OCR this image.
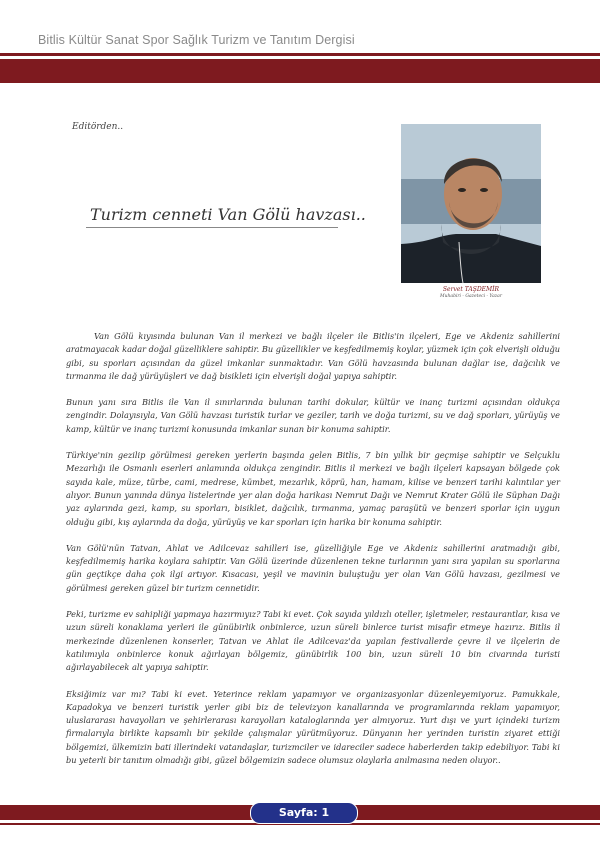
Bitlis Kültür Sanat Spor Sağlık Turizm ve Tanıtım Dergisi
Editörden..
Turizm cenneti Van Gölü havzası..
Servet TAŞDEMİR
Muhabiri - Gazeteci - Yazar

Van Gölü kıyısında bulunan Van il merkezi ve bağlı ilçeler ile Bitlis'in ilçeleri, Ege ve Akdeniz sahillerini aratmayacak kadar doğal güzelliklere sahiptir. Bu güzellikler ve keşfedilmemiş koylar, yüzmek için çok elverişli olduğu gibi, su sporları açısından da güzel imkanlar sunmaktadır. Van Gölü havzasında bulunan dağlar ise, dağcılık ve tırmanma ile dağ yürüyüşleri ve dağ bisikleti için elverişli doğal yapıya sahiptir.

Bunun yanı sıra Bitlis ile Van il sınırlarında bulunan tarihi dokular, kültür ve inanç turizmi açısından oldukça zengindir. Dolayısıyla, Van Gölü havzası turistik turlar ve geziler, tarih ve doğa turizmi, su ve dağ sporları, yürüyüş ve kamp, kültür ve inanç turizmi konusunda imkanlar sunan bir konuma sahiptir.

Türkiye'nin gezilip görülmesi gereken yerlerin başında gelen Bitlis, 7 bin yıllık bir geçmişe sahiptir ve Selçuklu Mezarlığı ile Osmanlı eserleri anlamında oldukça zengindir. Bitlis il merkezi ve bağlı ilçeleri kapsayan bölgede çok sayıda kale, müze, türbe, cami, medrese, kümbet, mezarlık, köprü, han, hamam, kilise ve benzeri tarihi kalıntılar yer alıyor. Bunun yanında dünya listelerinde yer alan doğa harikası Nemrut Dağı ve Nemrut Krater Gölü ile Süphan Dağı yaz aylarında gezi, kamp, su sporları, bisiklet, dağcılık, tırmanma, yamaç paraşütü ve benzeri sporlar için uygun olduğu gibi, kış aylarında da doğa, yürüyüş ve kar sporları için harika bir konuma sahiptir.

Van Gölü'nün Tatvan, Ahlat ve Adilcevaz sahilleri ise, güzelliğiyle Ege ve Akdeniz sahillerini aratmadığı gibi, keşfedilmemiş harika koylara sahiptir. Van Gölü üzerinde düzenlenen tekne turlarının yanı sıra yapılan su sporlarına gün geçtikçe daha çok ilgi artıyor. Kısacası, yeşil ve mavinin buluştuğu yer olan Van Gölü havzası, gezilmesi ve görülmesi gereken güzel bir turizm cennetidir.

Peki, turizme ev sahipliği yapmaya hazırmıyız? Tabi ki evet. Çok sayıda yıldızlı oteller, işletmeler, restaurantlar, kısa ve uzun süreli konaklama yerleri ile günübirlik onbinlerce, uzun süreli binlerce turist misafir etmeye hazırız. Bitlis il merkezinde düzenlenen konserler, Tatvan ve Ahlat ile Adilcevaz'da yapılan festivallerde çevre il ve ilçelerin de katılımıyla onbinlerce konuk ağırlayan bölgemiz, günübirlik 100 bin, uzun süreli 10 bin civarında turisti ağırlayabilecek alt yapıya sahiptir.

Eksiğimiz var mı? Tabi ki evet. Yeterince reklam yapamıyor ve organizasyonlar düzenleyemiyoruz. Pamukkale, Kapadokya ve benzeri turistik yerler gibi biz de televizyon kanallarında ve programlarında reklam yapamıyor, uluslararası havayolları ve şehirlerarası karayolları kataloglarında yer almıyoruz. Yurt dışı ve yurt içindeki turizm firmalarıyla birlikte kapsamlı bir şekilde çalışmalar yürütmüyoruz. Dünyanın her yerinden turistin ziyaret ettiği bölgemizi, ülkemizin bati illerindeki vatandaşlar, turizmciler ve idareciler sadece haberlerden takip edebiliyor. Tabi ki bu yeterli bir tanıtım olmadığı gibi, güzel bölgemizin sadece olumsuz olaylarla anılmasına neden oluyor..

Sayfa: 1
